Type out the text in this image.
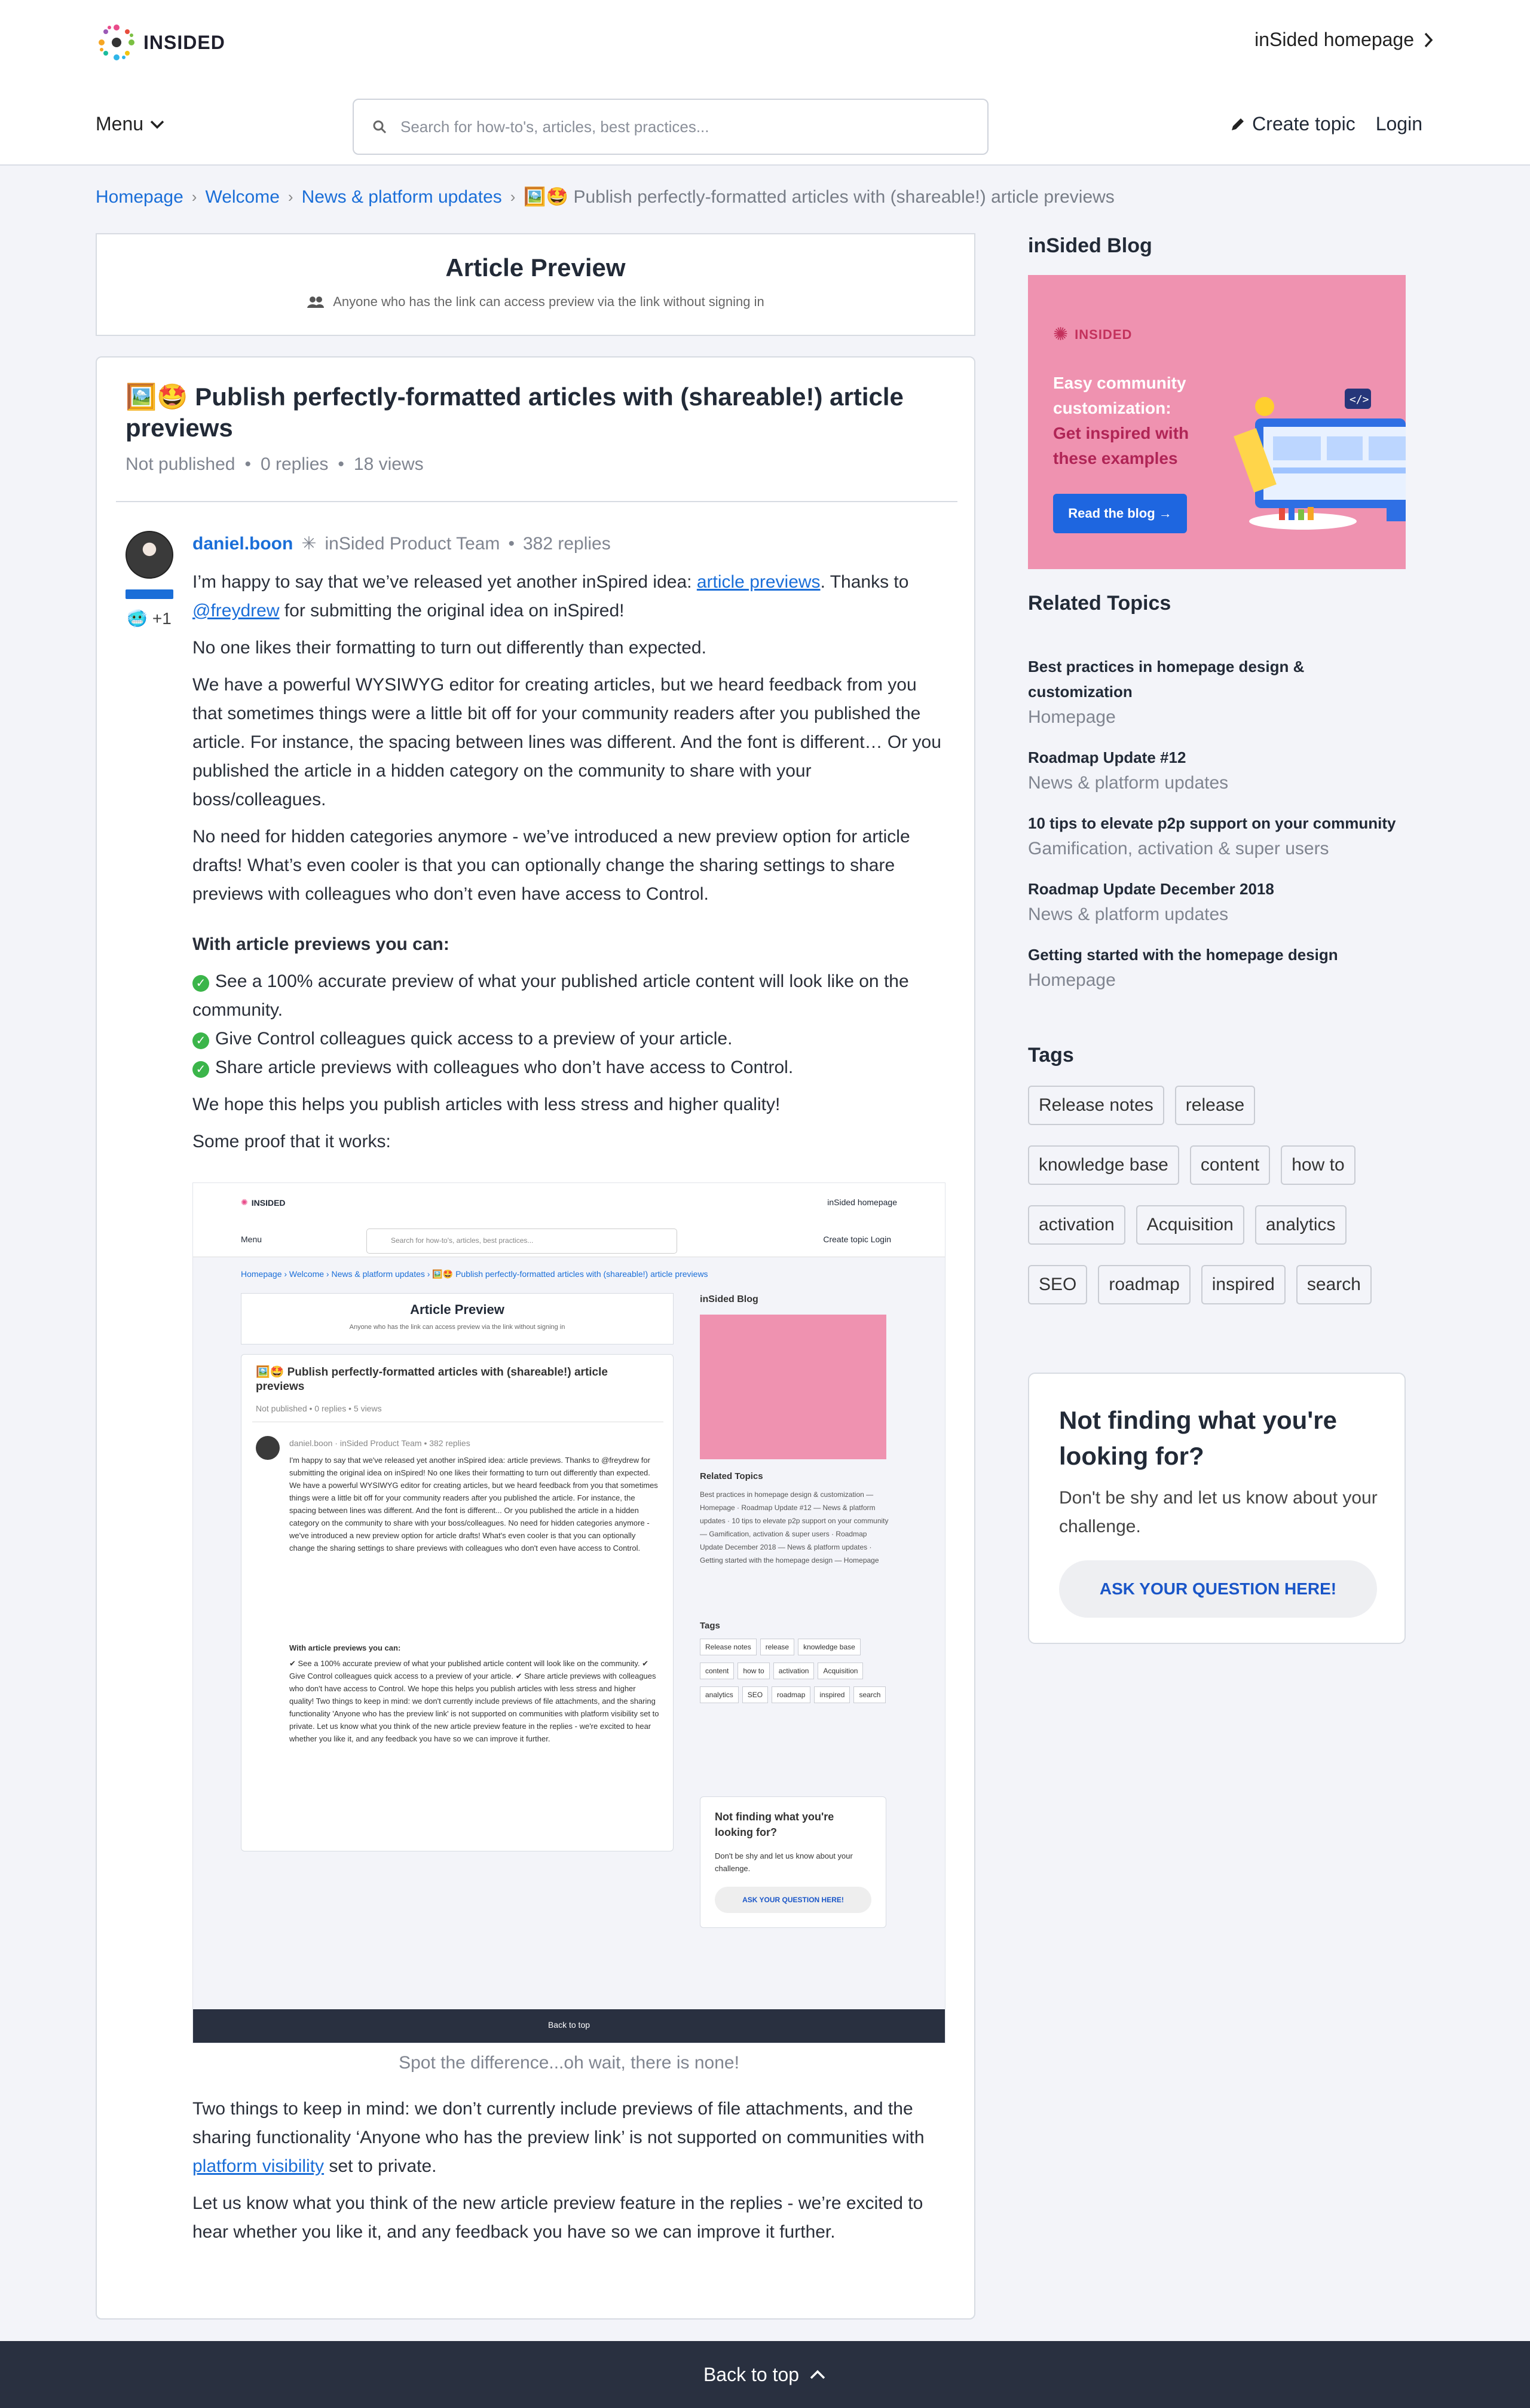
INSIDED	inSided homepage
Menu
Search for how-to's, articles, best practices...	Create topic Login
Homepage › Welcome › News & platform updates › 🖼️🤩 Publish perfectly-formatted articles with (shareable!) article previews
Article Preview
Anyone who has the link can access preview via the link without signing in
🖼️🤩 Publish perfectly-formatted articles with (shareable!) article previews
Not published • 0 replies • 18 views
🥶 +1
daniel.boon ✳ inSided Product Team • 382 replies

I’m happy to say that we’ve released yet another inSpired idea: article previews. Thanks to @freydrew for submitting the original idea on inSpired!

No one likes their formatting to turn out differently than expected.

We have a powerful WYSIWYG editor for creating articles, but we heard feedback from you that sometimes things were a little bit off for your community readers after you published the article. For instance, the spacing between lines was different. And the font is different… Or you published the article in a hidden category on the community to share with your boss/colleagues.

No need for hidden categories anymore - we’ve introduced a new preview option for article drafts! What’s even cooler is that you can optionally change the sharing settings to share previews with colleagues who don’t even have access to Control.

With article previews you can:
✓ See a 100% accurate preview of what your published article content will look like on the community.
✓ Give Control colleagues quick access to a preview of your article.
✓ Share article previews with colleagues who don’t have access to Control.

We hope this helps you publish articles with less stress and higher quality!

Some proof that it works:

✺ INSIDED	inSided homepage
Menu	Search for how-to's, articles, best practices...	Create topic Login
Homepage › Welcome › News & platform updates › 🖼️🤩 Publish perfectly-formatted articles with (shareable!) article previews
Article Preview
Anyone who has the link can access preview via the link without signing in
🖼️🤩 Publish perfectly-formatted articles with (shareable!) article previews
Not published • 0 replies • 5 views
daniel.boon · inSided Product Team • 382 replies
I'm happy to say that we've released yet another inSpired idea: article previews. Thanks to @freydrew for submitting the original idea on inSpired! No one likes their formatting to turn out differently than expected. We have a powerful WYSIWYG editor for creating articles, but we heard feedback from you that sometimes things were a little bit off for your community readers after you published the article. For instance, the spacing between lines was different. And the font is different... Or you published the article in a hidden category on the community to share with your boss/colleagues. No need for hidden categories anymore - we've introduced a new preview option for article drafts! What's even cooler is that you can optionally change the sharing settings to share previews with colleagues who don't even have access to Control.
With article previews you can:
✔ See a 100% accurate preview of what your published article content will look like on the community. ✔ Give Control colleagues quick access to a preview of your article. ✔ Share article previews with colleagues who don't have access to Control. We hope this helps you publish articles with less stress and higher quality! Two things to keep in mind: we don't currently include previews of file attachments, and the sharing functionality 'Anyone who has the preview link' is not supported on communities with platform visibility set to private. Let us know what you think of the new article preview feature in the replies - we're excited to hear whether you like it, and any feedback you have so we can improve it further.
inSided Blog
Related Topics
Best practices in homepage design & customization — Homepage · Roadmap Update #12 — News & platform updates · 10 tips to elevate p2p support on your community — Gamification, activation & super users · Roadmap Update December 2018 — News & platform updates · Getting started with the homepage design — Homepage
Tags
Release notes release knowledge basecontent how to activation Acquisitionanalytics SEO roadmap inspired search
Not finding what you're looking for?
Don't be shy and let us know about your challenge.
ASK YOUR QUESTION HERE!
Back to top
Spot the difference...oh wait, there is none!

Two things to keep in mind: we don’t currently include previews of file attachments, and the sharing functionality ‘Anyone who has the preview link’ is not supported on communities with platform visibility set to private.

Let us know what you think of the new article preview feature in the replies - we’re excited to hear whether you like it, and any feedback you have so we can improve it further.

inSided Blog
✺ INSIDED
Easy community customization:
Get inspired with these examples
Read the blog →
</>
Related Topics
Best practices in homepage design & customization
Homepage
Roadmap Update #12
News & platform updates
10 tips to elevate p2p support on your community
Gamification, activation & super users
Roadmap Update December 2018
News & platform updates
Getting started with the homepage design
Homepage
Tags
Release notes	release
knowledge base	content	how to
activation	Acquisition	analytics
SEO	roadmap	inspired	search
Not finding what you're looking for?
Don't be shy and let us know about your challenge.
ASK YOUR QUESTION HERE!
Back to top
